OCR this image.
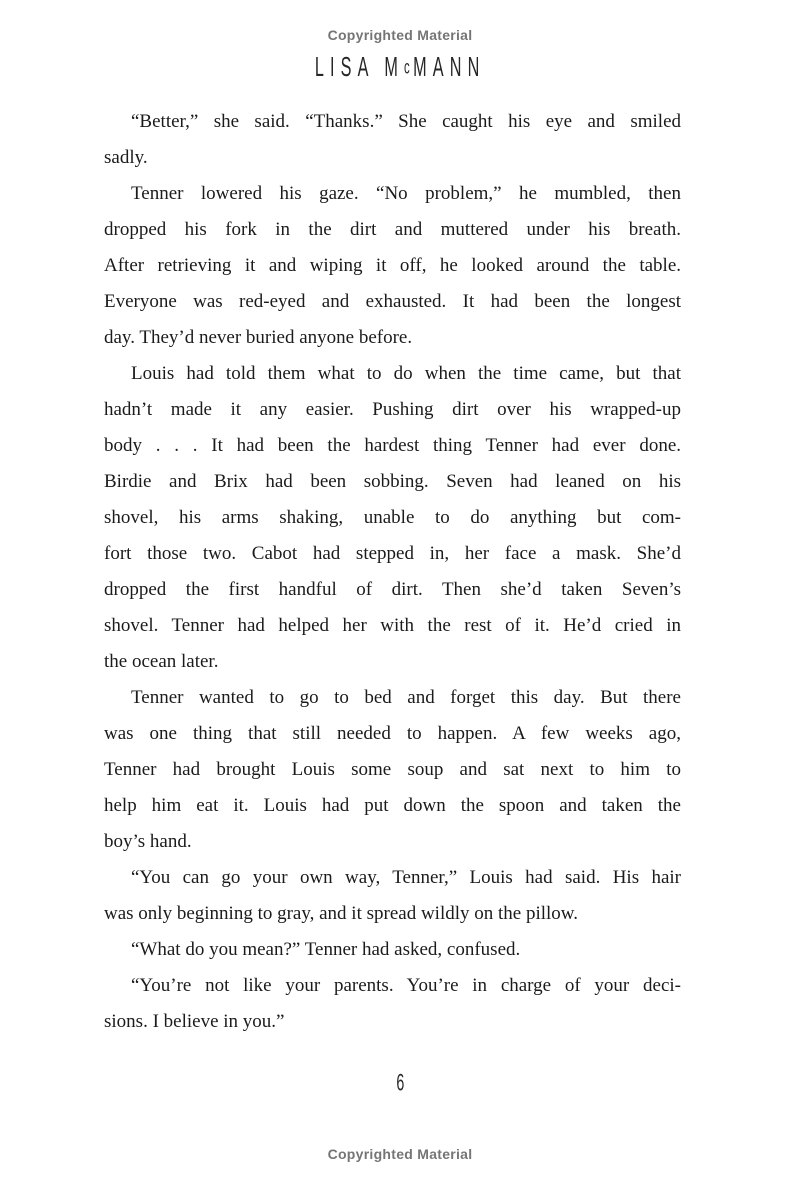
Copyrighted Material
LISA McMANN
“Better,” she said. “Thanks.” She caught his eye and smiled
sadly.
Tenner lowered his gaze. “No problem,” he mumbled, then
dropped his fork in the dirt and muttered under his breath.
After retrieving it and wiping it off, he looked around the table.
Everyone was red-eyed and exhausted. It had been the longest
day. They’d never buried anyone before.
Louis had told them what to do when the time came, but that
hadn’t made it any easier. Pushing dirt over his wrapped-up
body . . . It had been the hardest thing Tenner had ever done.
Birdie and Brix had been sobbing. Seven had leaned on his
shovel, his arms shaking, unable to do anything but com-
fort those two. Cabot had stepped in, her face a mask. She’d
dropped the first handful of dirt. Then she’d taken Seven’s
shovel. Tenner had helped her with the rest of it. He’d cried in
the ocean later.
Tenner wanted to go to bed and forget this day. But there
was one thing that still needed to happen. A few weeks ago,
Tenner had brought Louis some soup and sat next to him to
help him eat it. Louis had put down the spoon and taken the
boy’s hand.
“You can go your own way, Tenner,” Louis had said. His hair
was only beginning to gray, and it spread wildly on the pillow.
“What do you mean?” Tenner had asked, confused.
“You’re not like your parents. You’re in charge of your deci-
sions. I believe in you.”
6
Copyrighted Material
